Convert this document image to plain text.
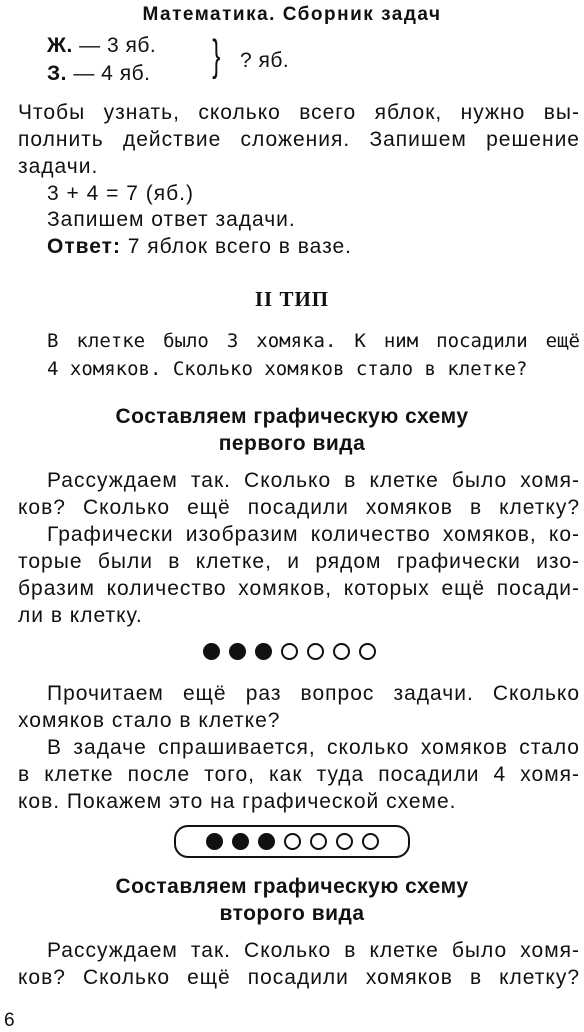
Математика. Сборник задач
Ж. — 3 яб.
З. — 4 яб. } ? яб.
Чтобы узнать, сколько всего яблок, нужно вы-
полнить действие сложения. Запишем решение
задачи.
3 + 4 = 7 (яб.)
Запишем ответ задачи.
Ответ: 7 яблок всего в вазе.
II ТИП
В клетке было 3 хомяка. К ним посадили ещё
4 хомяков. Сколько хомяков стало в клетке?
Составляем графическую схему
первого вида
Рассуждаем так. Сколько в клетке было хомя-
ков? Сколько ещё посадили хомяков в клетку?
Графически изобразим количество хомяков, ко-
торые были в клетке, и рядом графически изо-
бразим количество хомяков, которых ещё посади-
ли в клетку.
Прочитаем ещё раз вопрос задачи. Сколько
хомяков стало в клетке?
В задаче спрашивается, сколько хомяков стало
в клетке после того, как туда посадили 4 хомя-
ков. Покажем это на графической схеме.
Составляем графическую схему
второго вида
Рассуждаем так. Сколько в клетке было хомя-
ков? Сколько ещё посадили хомяков в клетку?
6
